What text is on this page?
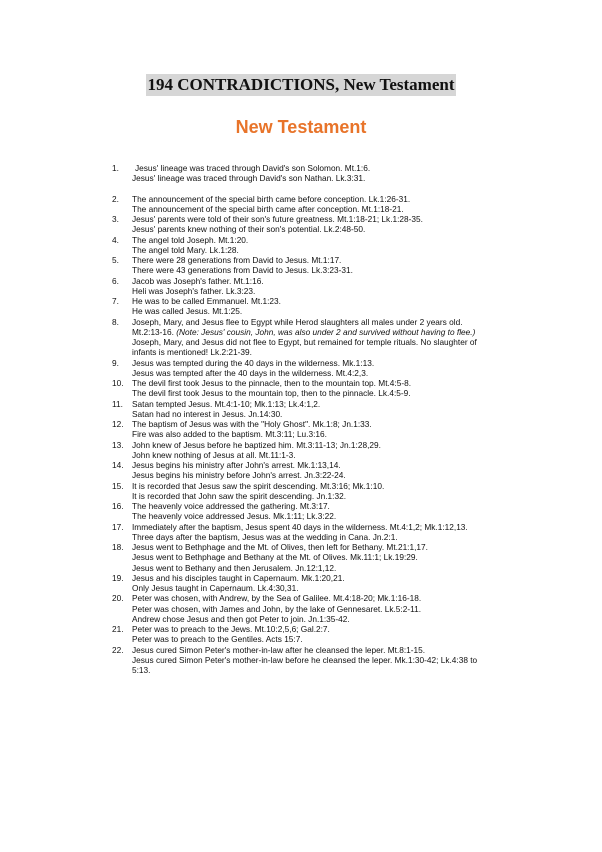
194 CONTRADICTIONS, New Testament
New Testament
1.	Jesus' lineage was traced through David's son Solomon. Mt.1:6.
Jesus' lineage was traced through David's son Nathan. Lk.3:31.
2.	The announcement of the special birth came before conception. Lk.1:26-31.
The announcement of the special birth came after conception. Mt.1:18-21.
3.	Jesus' parents were told of their son's future greatness. Mt.1:18-21; Lk.1:28-35.
Jesus' parents knew nothing of their son's potential. Lk.2:48-50.
4.	The angel told Joseph. Mt.1:20.
The angel told Mary. Lk.1:28.
5.	There were 28 generations from David to Jesus. Mt.1:17.
There were 43 generations from David to Jesus. Lk.3:23-31.
6.	Jacob was Joseph's father. Mt.1:16.
Heli was Joseph's father. Lk.3:23.
7.	He was to be called Emmanuel. Mt.1:23.
He was called Jesus. Mt.1:25.
8.	Joseph, Mary, and Jesus flee to Egypt while Herod slaughters all males under 2 years old. Mt.2:13-16. (Note: Jesus' cousin, John, was also under 2 and survived without having to flee.)
Joseph, Mary, and Jesus did not flee to Egypt, but remained for temple rituals. No slaughter of infants is mentioned! Lk.2:21-39.
9.	Jesus was tempted during the 40 days in the wilderness. Mk.1:13.
Jesus was tempted after the 40 days in the wilderness. Mt.4:2,3.
10.	The devil first took Jesus to the pinnacle, then to the mountain top. Mt.4:5-8.
The devil first took Jesus to the mountain top, then to the pinnacle. Lk.4:5-9.
11.	Satan tempted Jesus. Mt.4:1-10; Mk.1:13; Lk.4:1,2.
Satan had no interest in Jesus. Jn.14:30.
12.	The baptism of Jesus was with the "Holy Ghost". Mk.1:8; Jn.1:33.
Fire was also added to the baptism. Mt.3:11; Lu.3:16.
13.	John knew of Jesus before he baptized him. Mt.3:11-13; Jn.1:28,29.
John knew nothing of Jesus at all. Mt.11:1-3.
14.	Jesus begins his ministry after John's arrest. Mk.1:13,14.
Jesus begins his ministry before John's arrest. Jn.3:22-24.
15.	It is recorded that Jesus saw the spirit descending. Mt.3:16; Mk.1:10.
It is recorded that John saw the spirit descending. Jn.1:32.
16.	The heavenly voice addressed the gathering. Mt.3:17.
The heavenly voice addressed Jesus. Mk.1:11; Lk.3:22.
17.	Immediately after the baptism, Jesus spent 40 days in the wilderness. Mt.4:1,2; Mk.1:12,13.
Three days after the baptism, Jesus was at the wedding in Cana. Jn.2:1.
18.	Jesus went to Bethphage and the Mt. of Olives, then left for Bethany. Mt.21:1,17.
Jesus went to Bethphage and Bethany at the Mt. of Olives. Mk.11:1; Lk.19:29.
Jesus went to Bethany and then Jerusalem. Jn.12:1,12.
19.	Jesus and his disciples taught in Capernaum. Mk.1:20,21.
Only Jesus taught in Capernaum. Lk.4:30,31.
20.	Peter was chosen, with Andrew, by the Sea of Galilee. Mt.4:18-20; Mk.1:16-18.
Peter was chosen, with James and John, by the lake of Gennesaret. Lk.5:2-11.
Andrew chose Jesus and then got Peter to join. Jn.1:35-42.
21.	Peter was to preach to the Jews. Mt.10:2,5,6; Gal.2:7.
Peter was to preach to the Gentiles. Acts 15:7.
22.	Jesus cured Simon Peter's mother-in-law after he cleansed the leper. Mt.8:1-15.
Jesus cured Simon Peter's mother-in-law before he cleansed the leper. Mk.1:30-42; Lk.4:38 to 5:13.
